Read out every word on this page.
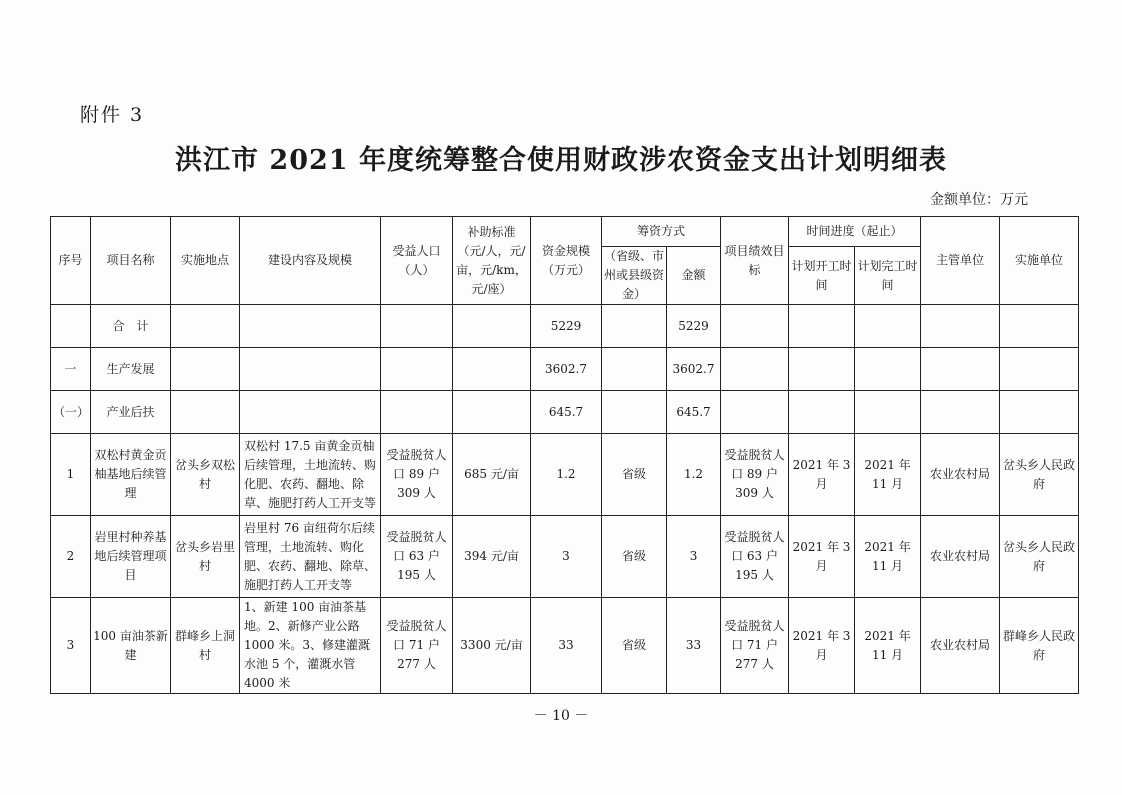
附件 3
洪江市 2021 年度统筹整合使用财政涉农资金支出计划明细表
金额单位：万元
序号	项目名称	实施地点	建设内容及规模	受益人口（人）	补助标准（元/人，元/亩，元/km，元/座）	资金规模（万元）	筹资方式		项目绩效目标	时间进度（起止）		主管单位	实施单位
							（省级、市州或县级资金）	金额		计划开工时间	计划完工时间		
	合　计					5229		5229					
一	生产发展					3602.7		3602.7					
（一）	产业后扶					645.7		645.7					
1	双松村黄金贡柚基地后续管理	岔头乡双松村	双松村 17.5 亩黄金贡柚后续管理，土地流转、购化肥、农药、翻地、除草、施肥打药人工开支等	受益脱贫人口 89 户 309 人	685 元/亩	1.2	省级	1.2	受益脱贫人口 89 户 309 人	2021 年 3 月	2021 年 11 月	农业农村局	岔头乡人民政府
2	岩里村种养基地后续管理项目	岔头乡岩里村	岩里村 76 亩纽荷尔后续管理，土地流转、购化肥、农药、翻地、除草、施肥打药人工开支等	受益脱贫人口 63 户 195 人	394 元/亩	3	省级	3	受益脱贫人口 63 户 195 人	2021 年 3 月	2021 年 11 月	农业农村局	岔头乡人民政府
3	100 亩油茶新建	群峰乡上洞村	1、新建 100 亩油茶基地。2、新修产业公路 1000 米。3、修建灌溉水池 5 个，灌溉水管 4000 米	受益脱贫人口 71 户 277 人	3300 元/亩	33	省级	33	受益脱贫人口 71 户 277 人	2021 年 3 月	2021 年 11 月	农业农村局	群峰乡人民政府
－ 10 －
